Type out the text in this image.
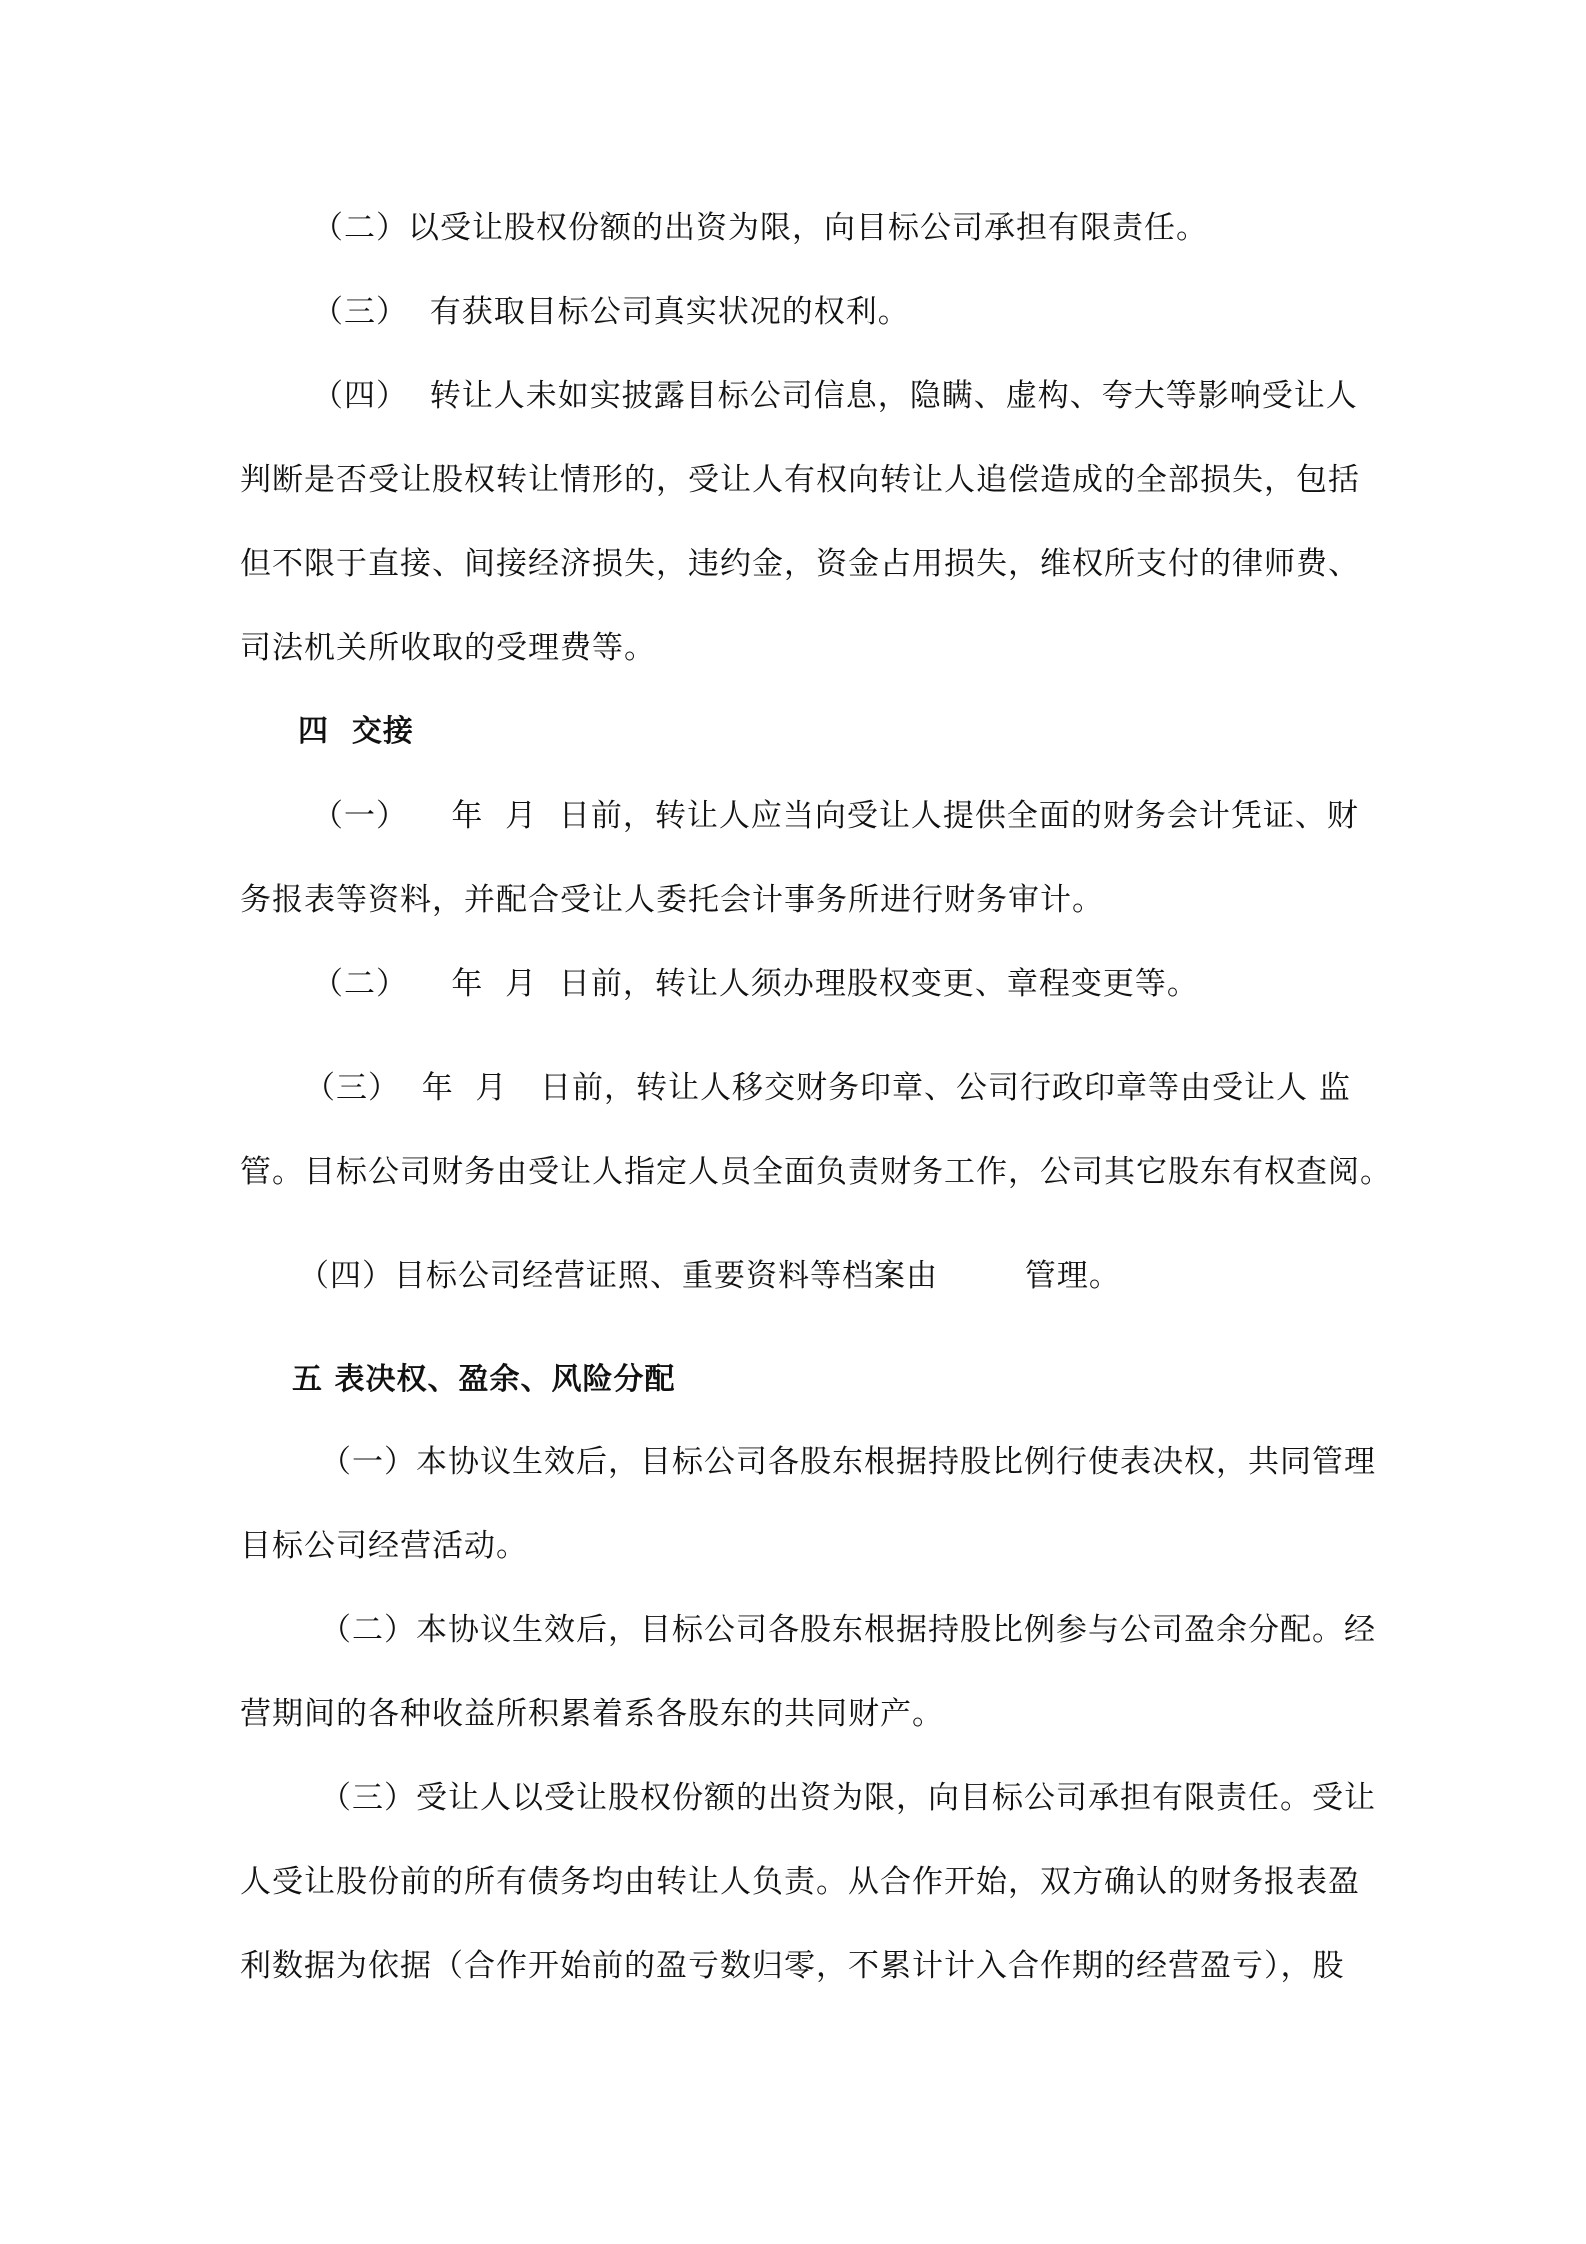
（二）以受让股权份额的出资为限，向目标公司承担有限责任。
（三）  有获取目标公司真实状况的权利。
（四）  转让人未如实披露目标公司信息，隐瞒、虚构、夸大等影响受让人
判断是否受让股权转让情形的，受让人有权向转让人追偿造成的全部损失，包括
但不限于直接、间接经济损失，违约金，资金占用损失，维权所支付的律师费、
司法机关所收取的受理费等。
四  交接
（一）    年  月  日前，转让人应当向受让人提供全面的财务会计凭证、财
务报表等资料，并配合受让人委托会计事务所进行财务审计。
（二）    年  月  日前，转让人须办理股权变更、章程变更等。
（三）  年  月   日前，转让人移交财务印章、公司行政印章等由受让人 监
管。目标公司财务由受让人指定人员全面负责财务工作，公司其它股东有权查阅。
（四）目标公司经营证照、重要资料等档案由        管理。
五 表决权、盈余、风险分配
（一）本协议生效后，目标公司各股东根据持股比例行使表决权，共同管理
目标公司经营活动。
（二）本协议生效后，目标公司各股东根据持股比例参与公司盈余分配。经
营期间的各种收益所积累着系各股东的共同财产。
（三）受让人以受让股权份额的出资为限，向目标公司承担有限责任。受让
人受让股份前的所有债务均由转让人负责。从合作开始，双方确认的财务报表盈
利数据为依据（合作开始前的盈亏数归零，不累计计入合作期的经营盈亏），股
